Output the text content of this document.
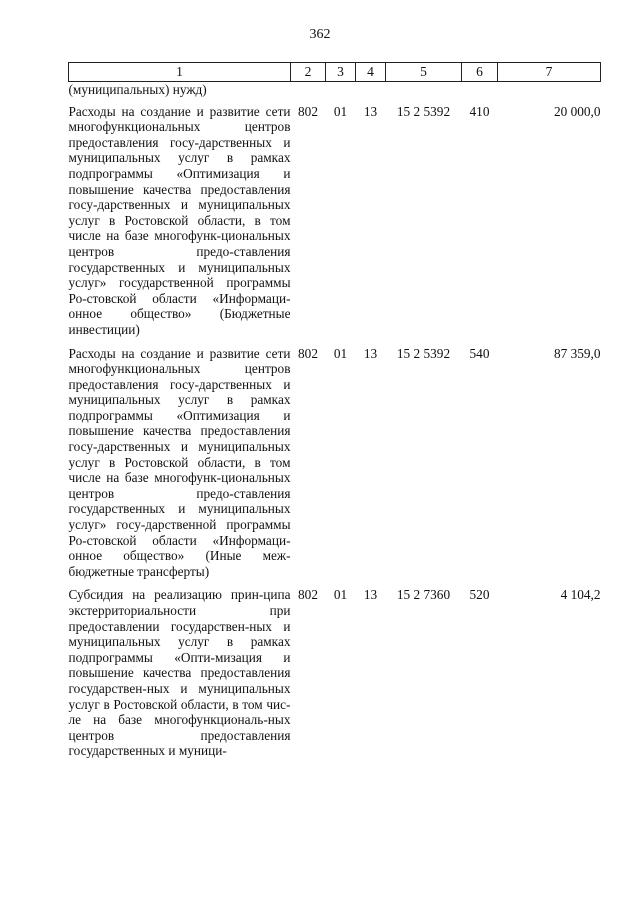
362
1	2	3	4	5	6	7
(муниципальных) нужд)						
Расходы на создание и развитие сети многофункциональных центров предоставления госу-дарственных и муниципальных услуг в рамках подпрограммы «Оптимизация и повышение качества предоставления госу-дарственных и муниципальных услуг в Ростовской области, в том числе на базе многофунк-циональных центров предо-ставления государственных и муниципальных услуг» государственной программы Ро-стовской области «Информаци-онное общество» (Бюджетные инвестиции)	802	01	13	15 2 5392	410	20 000,0
Расходы на создание и развитие сети многофункциональных центров предоставления госу-дарственных и муниципальных услуг в рамках подпрограммы «Оптимизация и повышение качества предоставления госу-дарственных и муниципальных услуг в Ростовской области, в том числе на базе многофунк-циональных центров предо-ставления государственных и муниципальных услуг» госу-дарственной программы Ро-стовской области «Информаци-онное общество» (Иные меж-бюджетные трансферты)	802	01	13	15 2 5392	540	87 359,0
Субсидия на реализацию прин-ципа экстерриториальности при предоставлении государствен-ных и муниципальных услуг в рамках подпрограммы «Опти-мизация и повышение качества предоставления государствен-ных и муниципальных услуг в Ростовской области, в том чис-ле на базе многофункциональ-ных центров предоставления государственных и муници-	802	01	13	15 2 7360	520	4 104,2
